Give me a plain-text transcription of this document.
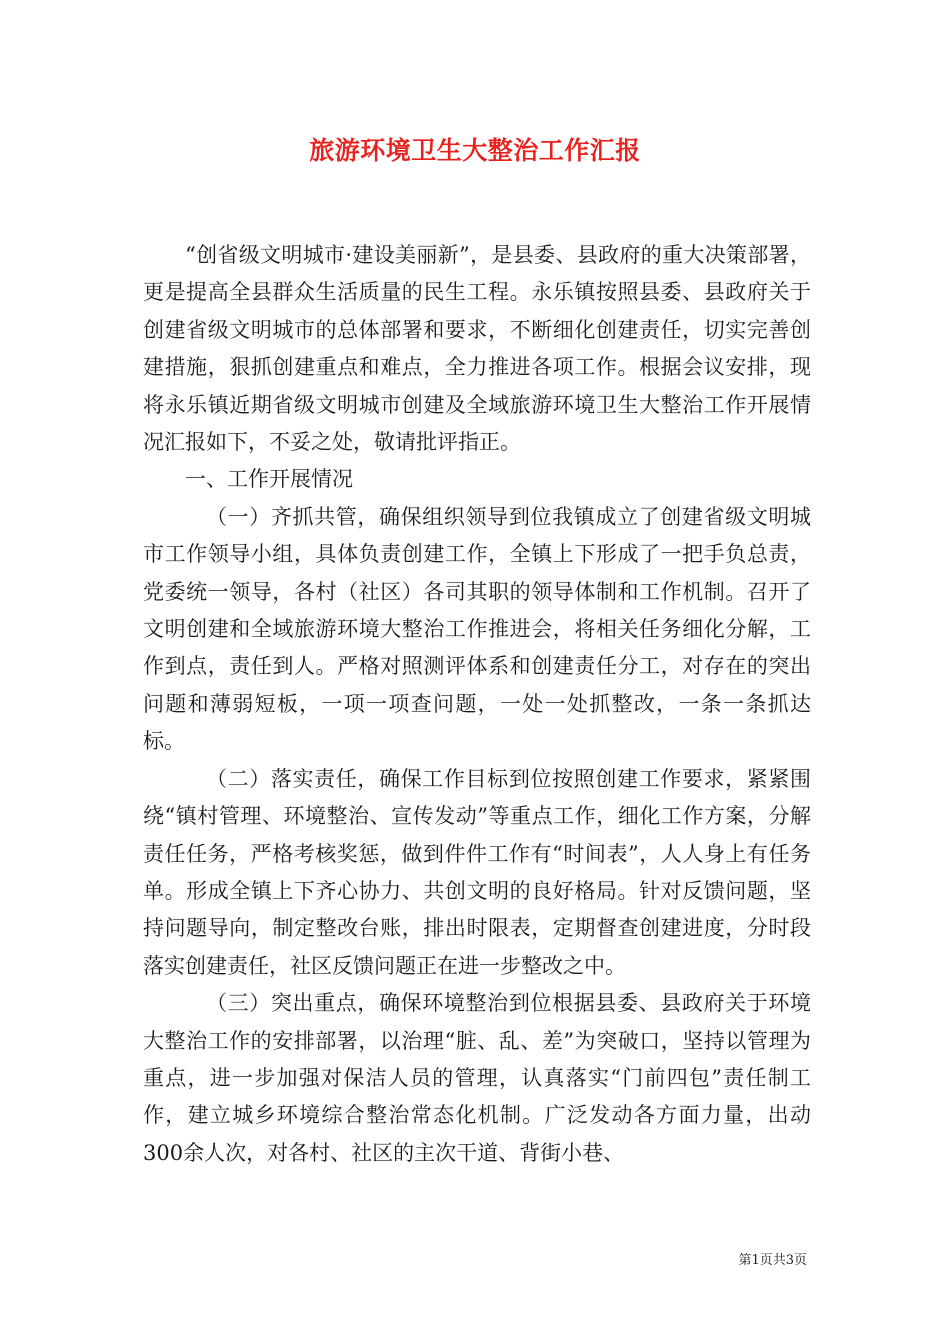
旅游环境卫生大整治工作汇报

“创省级文明城市·建设美丽新”，是县委、县政府的重大决策部署，更是提高全县群众生活质量的民生工程。永乐镇按照县委、县政府关于创建省级文明城市的总体部署和要求，不断细化创建责任，切实完善创建措施，狠抓创建重点和难点，全力推进各项工作。根据会议安排，现将永乐镇近期省级文明城市创建及全域旅游环境卫生大整治工作开展情况汇报如下，不妥之处，敬请批评指正。

一、工作开展情况

（一）齐抓共管，确保组织领导到位我镇成立了创建省级文明城市工作领导小组，具体负责创建工作，全镇上下形成了一把手负总责，党委统一领导，各村（社区）各司其职的领导体制和工作机制。召开了文明创建和全域旅游环境大整治工作推进会，将相关任务细化分解，工作到点，责任到人。严格对照测评体系和创建责任分工，对存在的突出问题和薄弱短板，一项一项查问题，一处一处抓整改，一条一条抓达标。

（二）落实责任，确保工作目标到位按照创建工作要求，紧紧围绕“镇村管理、环境整治、宣传发动”等重点工作，细化工作方案，分解责任任务，严格考核奖惩，做到件件工作有“时间表”，人人身上有任务单。形成全镇上下齐心协力、共创文明的良好格局。针对反馈问题，坚持问题导向，制定整改台账，排出时限表，定期督查创建进度，分时段落实创建责任，社区反馈问题正在进一步整改之中。

（三）突出重点，确保环境整治到位根据县委、县政府关于环境大整治工作的安排部署，以治理“脏、乱、差”为突破口，坚持以管理为重点，进一步加强对保洁人员的管理，认真落实“门前四包”责任制工作，建立城乡环境综合整治常态化机制。广泛发动各方面力量，出动300余人次，对各村、社区的主次干道、背街小巷、

第1页共3页
